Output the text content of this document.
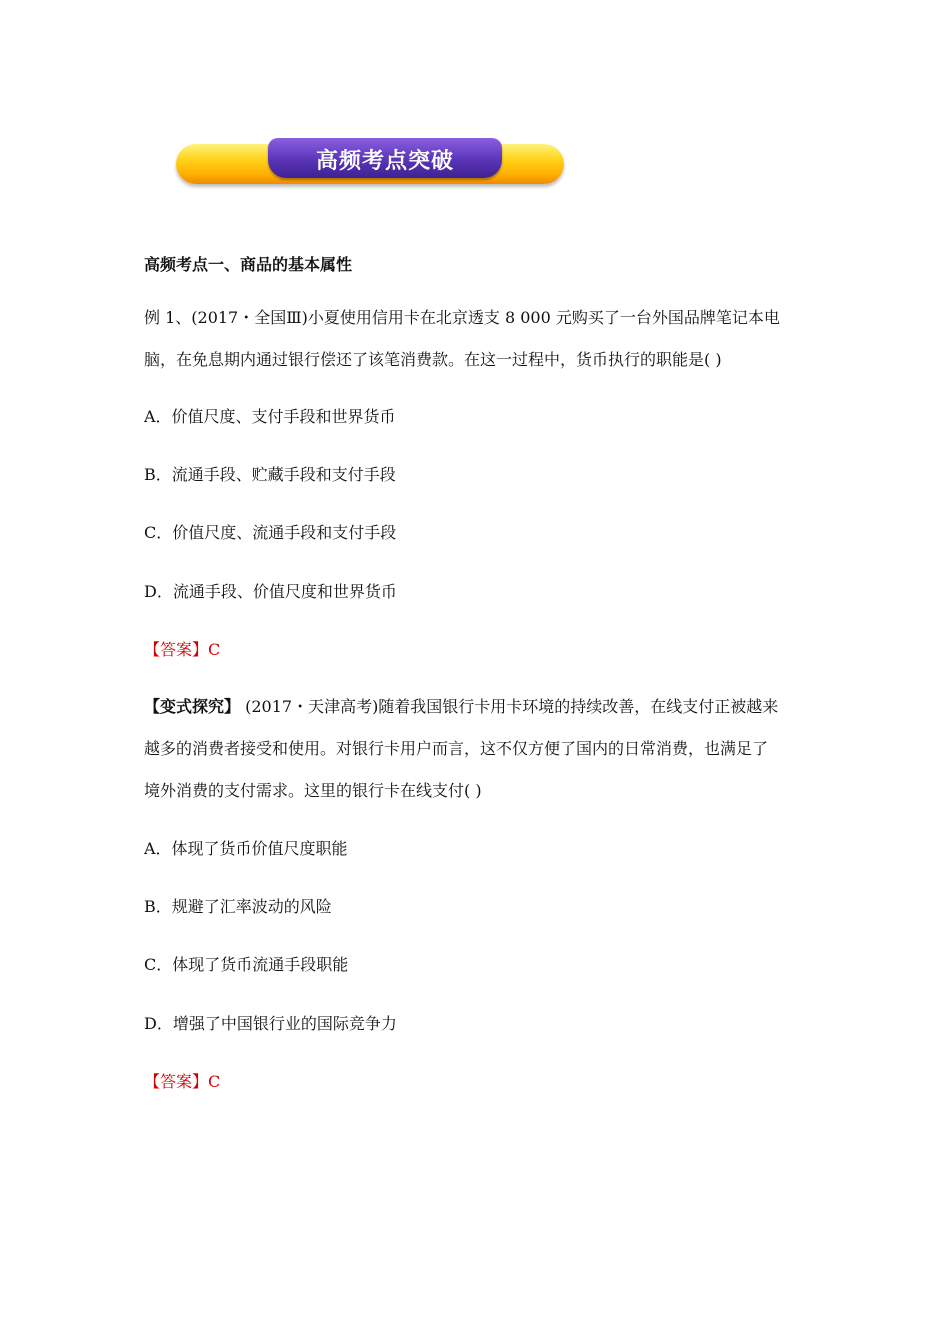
高频考点突破
高频考点一、商品的基本属性
例 1、(2017・全国Ⅲ)小夏使用信用卡在北京透支 8 000 元购买了一台外国品牌笔记本电
脑，在免息期内通过银行偿还了该笔消费款。在这一过程中，货币执行的职能是( )
A．价值尺度、支付手段和世界货币
B．流通手段、贮藏手段和支付手段
C．价值尺度、流通手段和支付手段
D．流通手段、价值尺度和世界货币
【答案】C
【变式探究】 (2017・天津高考)随着我国银行卡用卡环境的持续改善，在线支付正被越来
越多的消费者接受和使用。对银行卡用户而言，这不仅方便了国内的日常消费，也满足了
境外消费的支付需求。这里的银行卡在线支付( )
A．体现了货币价值尺度职能
B．规避了汇率波动的风险
C．体现了货币流通手段职能
D．增强了中国银行业的国际竞争力
【答案】C
